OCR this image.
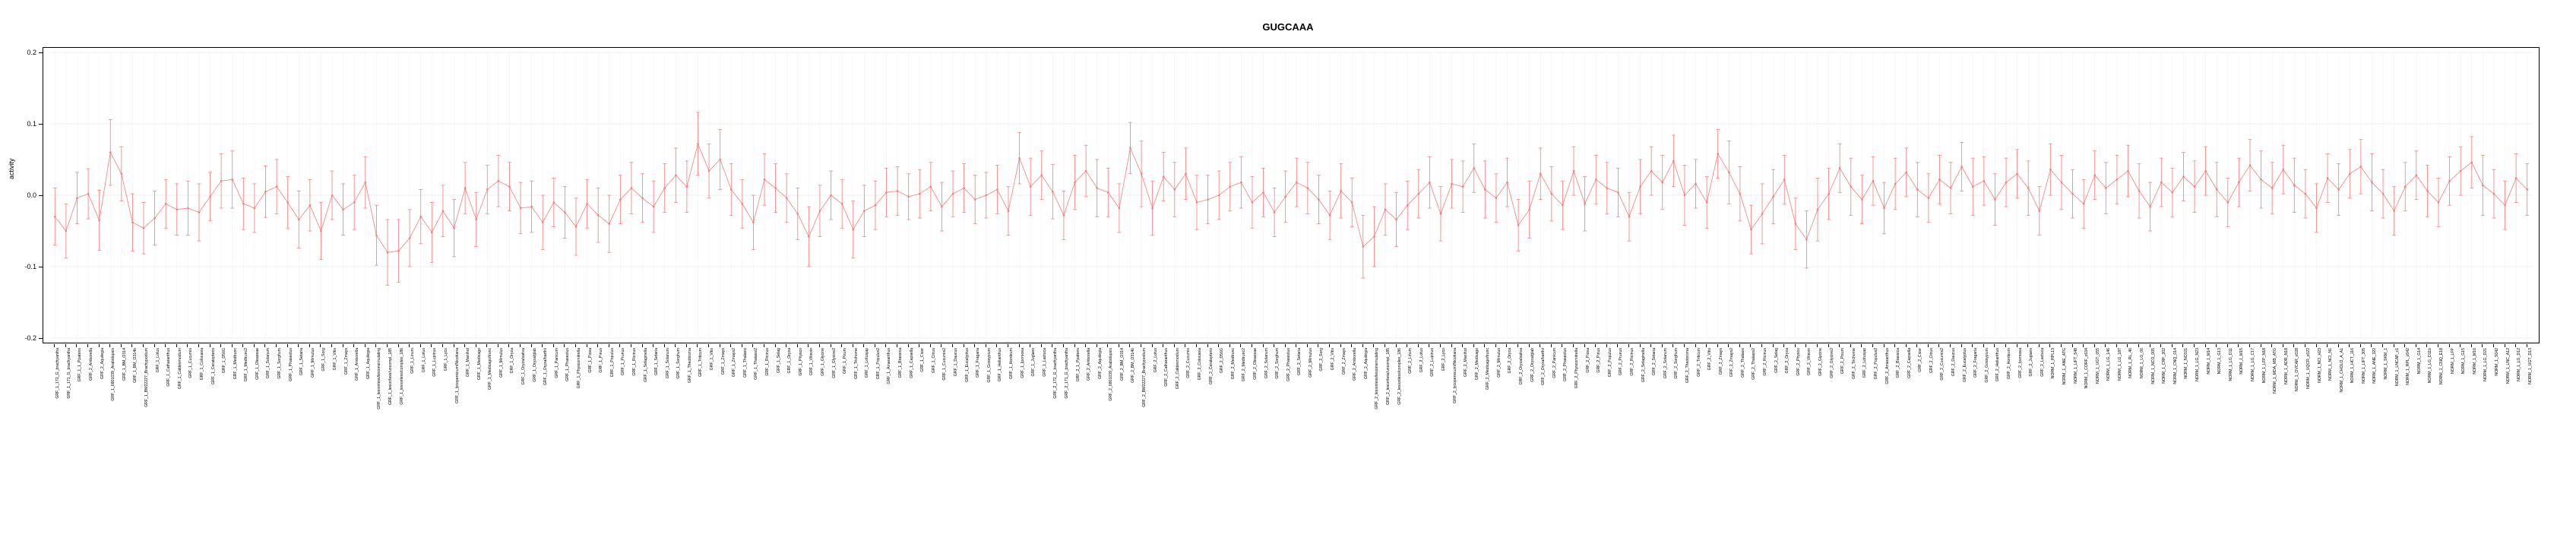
GUGCAAA
activity
-0.2
-0.1
0.0
0.1
0.2
GRF_1_172_G_brachyantha GRF_1_171_G_brachyantha GRF_1_1_Ppatens GRF_2_Amborella GRF_2_Aquilegia GRF_1_6801039_Arabidopsis GRF_1_BM_O314 GRF_1_BM_O314b GRF_1_BM22227_Brachypodium GRF_1_Lotus GRF_1_Catharanthus GRF_1_Caldesmodium GRF_1_Cucumis GRF_1_Colocasia GRF_1_Ceratopteris GRF_1_D56G GRF_1_Medtrunc GRF_1_Medtrunc2 GRF_1_Oleaceae GRF_1_Solanum GRF_1_Sorghum GRF_1_Phaseolus GRF_1_Setaria GRF_1_Mimulus GRF_1_Sorg GRF_1_Vitis GRF_1_Zmays GRF_1_Amborella GRF_1_Aquilegia GRF_1_lesionless/lesionsimulating GRF_1_lesionless/uncompl_185 GRF_1_lesionless/complex_186 GRF_1_Linum GRF_1_Lotus GRF_1_Lupinus GRF_1_Lyco GRF_1_lycopersicum/Nicotiana GRF_1_Manihot GRF_1_Medicago GRF_1_Medicago/trunc GRF_1_Mimulus GRF_1_Oryza GRF_1_Oryza/sativa GRF_1_Oryza/glab GRF_1_Oryza/barthii GRF_1_Panicum GRF_1_Phaseolus GRF_1_Physcomitrella GRF_1_Picea GRF_1_Pinus GRF_1_Populus GRF_1_Prunus GRF_1_Ricinus GRF_1_Selaginella GRF_1_Setaria GRF_1_Solanum GRF_1_Sorghum GRF_1_Theobroma GRF_1_Triticum GRF_1_Vitis GRF_1_Zmays GRF_1_Zmays2 GRF_1_Thalassi GRF_1_Thalassi2 GRF_1_Ricinus GRF_1_Selag GRF_1_Oryza GRF_1_Physco GRF_1_Vitisvin GRF_1_Glycine GRF_1_Glycine2 GRF_1_Pisum GRF_1_Trichome GRF_1_Lotusjap GRF_1_Populus2 GRF_1_Amaranthus GRF_1_Brassica GRF_1_Capsella GRF_1_Cicer GRF_1_Citrus GRF_1_Cucumis2 GRF_1_Daucus GRF_1_Eucalyptus GRF_1_Fragaria GRF_1_Gossypium GRF_1_Helianthus GRF_1_Hordeum GRF_1_Ipomoea GRF_1_Juglans GRF_1_Lactuca GRF_2_172_G_brachyantha GRF_2_171_G_brachyantha GRF_2_1_Ppatens GRF_2_Amborella GRF_2_Aquilegia GRF_2_6801039_Arabidopsis GRF_2_BM_O314 GRF_2_BM_O314b GRF_2_BM22227_Brachypodium GRF_2_Lotus GRF_2_Catharanthus GRF_2_Caldesmodium GRF_2_Cucumis GRF_2_Colocasia GRF_2_Ceratopteris GRF_2_D56G GRF_2_Medtrunc GRF_2_Medtrunc2 GRF_2_Oleaceae GRF_2_Solanum GRF_2_Sorghum GRF_2_Phaseolus GRF_2_Setaria GRF_2_Mimulus GRF_2_Sorg GRF_2_Vitis GRF_2_Zmays GRF_2_Amborella GRF_2_Aquilegia GRF_2_lesionless/lesionsimulating GRF_2_lesionless/uncompl_185 GRF_2_lesionless/complex_186 GRF_2_Linum GRF_2_Lotus GRF_2_Lupinus GRF_2_Lyco GRF_2_lycopersicum/Nicotiana GRF_2_Manihot GRF_2_Medicago GRF_2_Medicago/trunc GRF_2_Mimulus GRF_2_Oryza GRF_2_Oryza/sativa GRF_2_Oryza/glab GRF_2_Oryza/barthii GRF_2_Panicum GRF_2_Phaseolus GRF_2_Physcomitrella GRF_2_Picea GRF_2_Pinus GRF_2_Populus GRF_2_Prunus GRF_2_Ricinus GRF_2_Selaginella GRF_2_Setaria GRF_2_Solanum GRF_2_Sorghum GRF_2_Theobroma GRF_2_Triticum GRF_2_Vitis GRF_2_Zmays GRF_2_Zmays2 GRF_2_Thalassi GRF_2_Thalassi2 GRF_2_Ricinus GRF_2_Selag GRF_2_Oryza GRF_2_Physco GRF_2_Vitisvin GRF_2_Glycine GRF_2_Glycine2 GRF_2_Pisum GRF_2_Trichome GRF_2_Lotusjap GRF_2_Populus2 GRF_2_Amaranthus GRF_2_Brassica GRF_2_Capsella GRF_2_Cicer GRF_2_Citrus GRF_2_Cucumis2 GRF_2_Daucus GRF_2_Eucalyptus GRF_2_Fragaria GRF_2_Gossypium GRF_2_Helianthus GRF_2_Hordeum GRF_2_Ipomoea GRF_2_Juglans GRF_2_Lactuca NORM_1_RPL13 NORM_1_ANE_ATG NORM_1_LIFT_548 NORM_1_CORF_c634 NORM_1_UGT_055 NORM_1_LG_146 NORM_1_LG_187 NORM_1_RL_46 NORM_1_LG_06 NORM_1_NCO_005 NORM_1_CRF_202 NORM_1_CNQ_014 NORM_1_NC021 NORM_1_LG_N23 NORM_1_M14 NORM_1_G13 NORM_1_LG_D11 NORM_1_M15 NORM_1_LG_C17 NORM_1_LFP_N18 NORM_1_MDA_MB_ATG NORM_1_ADR_N18 NORM_1_OVCAR_c028 NORM_1_UQCR_c022 NORM_1_NCI_H23 NORM_1_NCI_N1 NORM_1_CHOLO_A_A1 NORM_1_HCT_116 NORM_1_LIFT_305 NORM_1_ANE_322 NORM_1_SKM_1 NORM_1_LNCAP_c1 NORM_1_RPL_c042 NORM_1_G14 NORM_1_LG_D11b NORM_1_CNQ_E18 NORM_1_LFP NORM_1_G15 NORM_1_M16 NORM_1_LG_D21 NORM_1_S042 NORM_1_LNC_A12 NORM_1_LG_D12 NORM_1_UGT_D13
